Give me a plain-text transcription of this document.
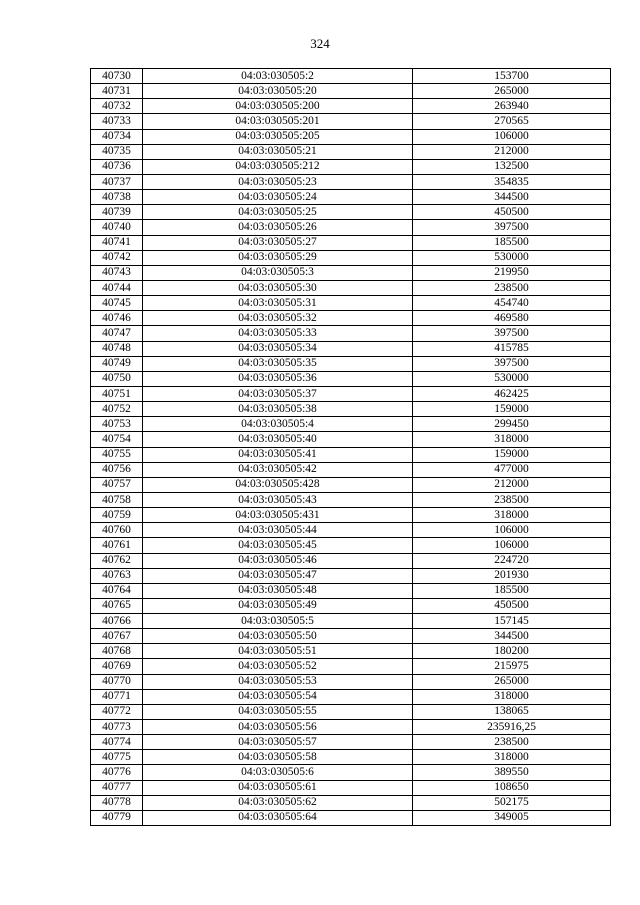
324
40730	04:03:030505:2	153700
40731	04:03:030505:20	265000
40732	04:03:030505:200	263940
40733	04:03:030505:201	270565
40734	04:03:030505:205	106000
40735	04:03:030505:21	212000
40736	04:03:030505:212	132500
40737	04:03:030505:23	354835
40738	04:03:030505:24	344500
40739	04:03:030505:25	450500
40740	04:03:030505:26	397500
40741	04:03:030505:27	185500
40742	04:03:030505:29	530000
40743	04:03:030505:3	219950
40744	04:03:030505:30	238500
40745	04:03:030505:31	454740
40746	04:03:030505:32	469580
40747	04:03:030505:33	397500
40748	04:03:030505:34	415785
40749	04:03:030505:35	397500
40750	04:03:030505:36	530000
40751	04:03:030505:37	462425
40752	04:03:030505:38	159000
40753	04:03:030505:4	299450
40754	04:03:030505:40	318000
40755	04:03:030505:41	159000
40756	04:03:030505:42	477000
40757	04:03:030505:428	212000
40758	04:03:030505:43	238500
40759	04:03:030505:431	318000
40760	04:03:030505:44	106000
40761	04:03:030505:45	106000
40762	04:03:030505:46	224720
40763	04:03:030505:47	201930
40764	04:03:030505:48	185500
40765	04:03:030505:49	450500
40766	04:03:030505:5	157145
40767	04:03:030505:50	344500
40768	04:03:030505:51	180200
40769	04:03:030505:52	215975
40770	04:03:030505:53	265000
40771	04:03:030505:54	318000
40772	04:03:030505:55	138065
40773	04:03:030505:56	235916,25
40774	04:03:030505:57	238500
40775	04:03:030505:58	318000
40776	04:03:030505:6	389550
40777	04:03:030505:61	108650
40778	04:03:030505:62	502175
40779	04:03:030505:64	349005
